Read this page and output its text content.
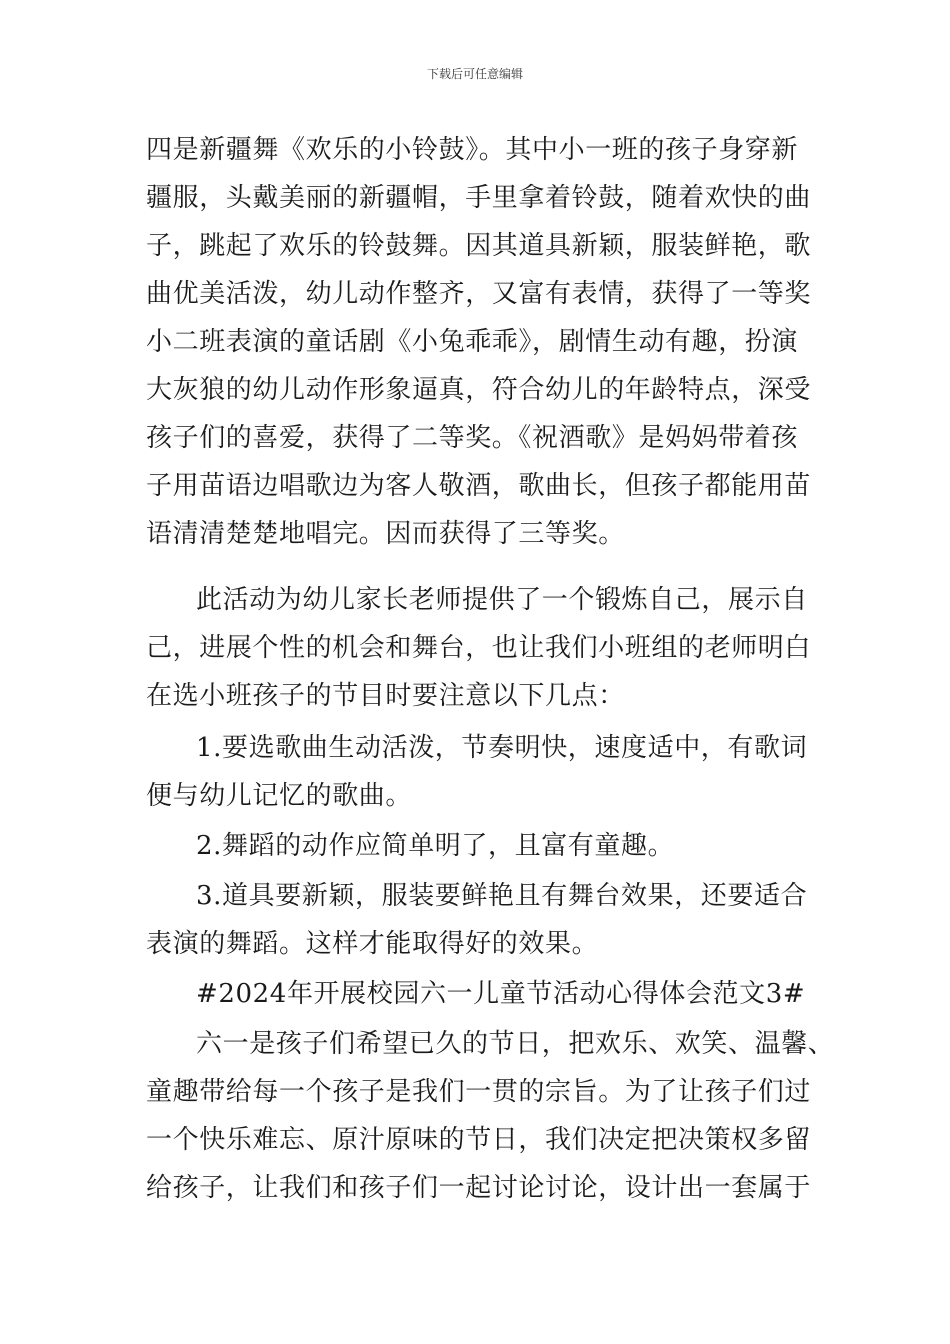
下载后可任意编辑
四是新疆舞《欢乐的小铃鼓》。其中小一班的孩子身穿新
疆服，头戴美丽的新疆帽，手里拿着铃鼓，随着欢快的曲
子，跳起了欢乐的铃鼓舞。因其道具新颖，服装鲜艳，歌
曲优美活泼，幼儿动作整齐，又富有表情，获得了一等奖
小二班表演的童话剧《小兔乖乖》，剧情生动有趣，扮演
大灰狼的幼儿动作形象逼真，符合幼儿的年龄特点，深受
孩子们的喜爱，获得了二等奖。《祝酒歌》是妈妈带着孩
子用苗语边唱歌边为客人敬酒，歌曲长，但孩子都能用苗
语清清楚楚地唱完。因而获得了三等奖。
此活动为幼儿家长老师提供了一个锻炼自己，展示自
己，进展个性的机会和舞台，也让我们小班组的老师明白
在选小班孩子的节目时要注意以下几点：
1.要选歌曲生动活泼，节奏明快，速度适中，有歌词
便与幼儿记忆的歌曲。
2.舞蹈的动作应简单明了，且富有童趣。
3.道具要新颖，服装要鲜艳且有舞台效果，还要适合
表演的舞蹈。这样才能取得好的效果。
#2024年开展校园六一儿童节活动心得体会范文3#
六一是孩子们希望已久的节日，把欢乐、欢笑、温馨、
童趣带给每一个孩子是我们一贯的宗旨。为了让孩子们过
一个快乐难忘、原汁原味的节日，我们决定把决策权多留
给孩子，让我们和孩子们一起讨论讨论，设计出一套属于
